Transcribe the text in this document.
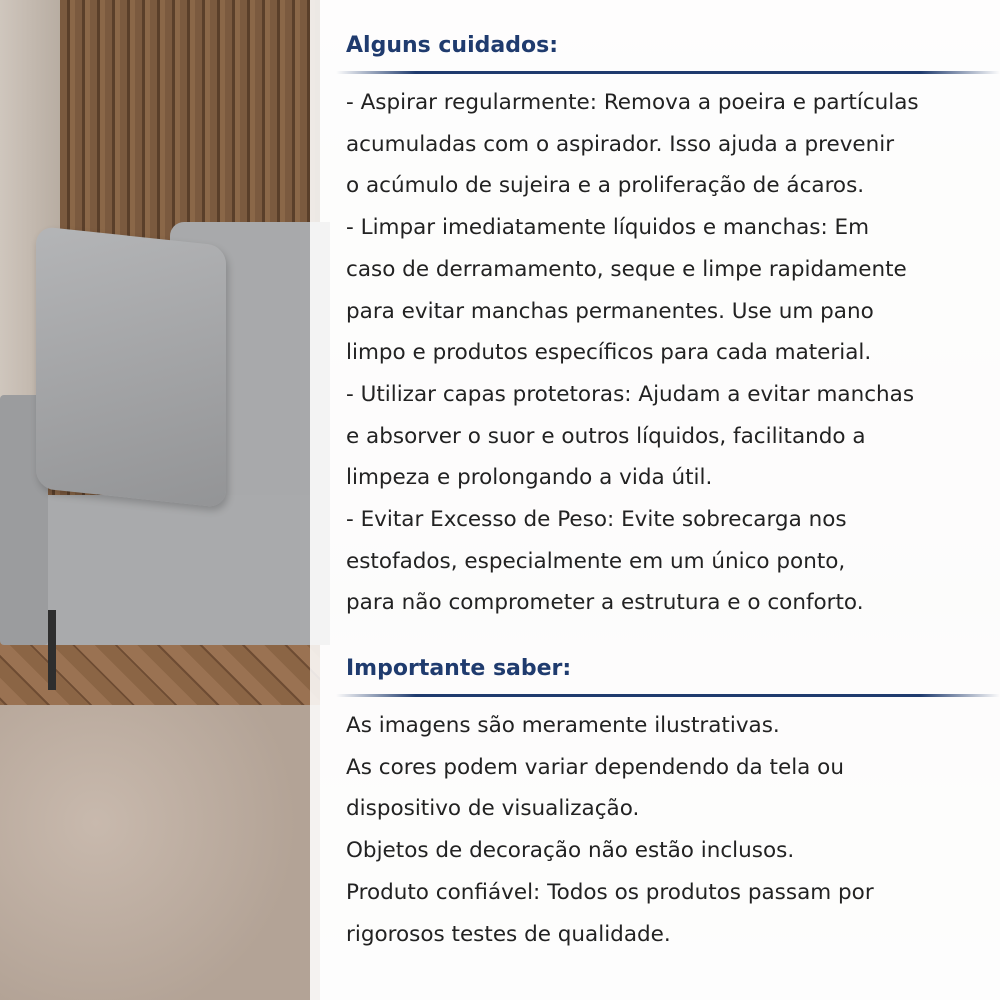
Alguns cuidados:
- Aspirar regularmente: Remova a poeira e partículas
acumuladas com o aspirador. Isso ajuda a prevenir
o acúmulo de sujeira e a proliferação de ácaros.
- Limpar imediatamente líquidos e manchas: Em
caso de derramamento, seque e limpe rapidamente
para evitar manchas permanentes. Use um pano
limpo e produtos específicos para cada material.
- Utilizar capas protetoras: Ajudam a evitar manchas
e absorver o suor e outros líquidos, facilitando a
limpeza e prolongando a vida útil.
- Evitar Excesso de Peso: Evite sobrecarga nos
estofados, especialmente em um único ponto,
para não comprometer a estrutura e o conforto.
Importante saber:
As imagens são meramente ilustrativas.
As cores podem variar dependendo da tela ou
dispositivo de visualização.
Objetos de decoração não estão inclusos.
Produto confiável: Todos os produtos passam por
rigorosos testes de qualidade.
